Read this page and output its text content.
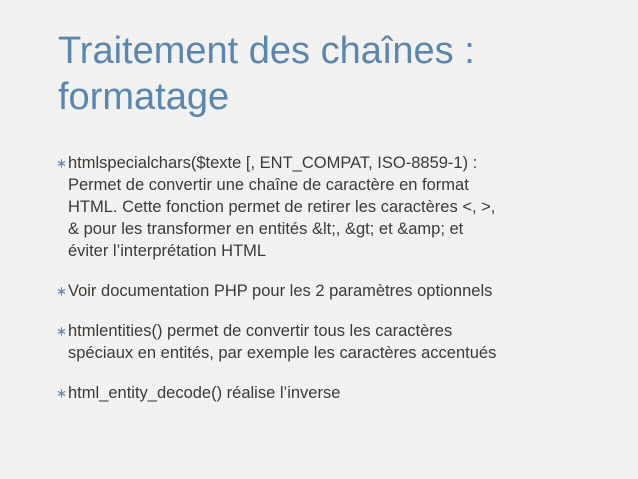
Traitement des chaînes :
formatage
htmlspecialchars($texte [, ENT_COMPAT, ISO-8859-1) :
Permet de convertir une chaîne de caractère en format
HTML. Cette fonction permet de retirer les caractères <, >,
& pour les transformer en entités &lt;, &gt; et &amp; et
éviter l’interprétation HTML
Voir documentation PHP pour les 2 paramètres optionnels
htmlentities() permet de convertir tous les caractères
spéciaux en entités, par exemple les caractères accentués
html_entity_decode() réalise l’inverse
